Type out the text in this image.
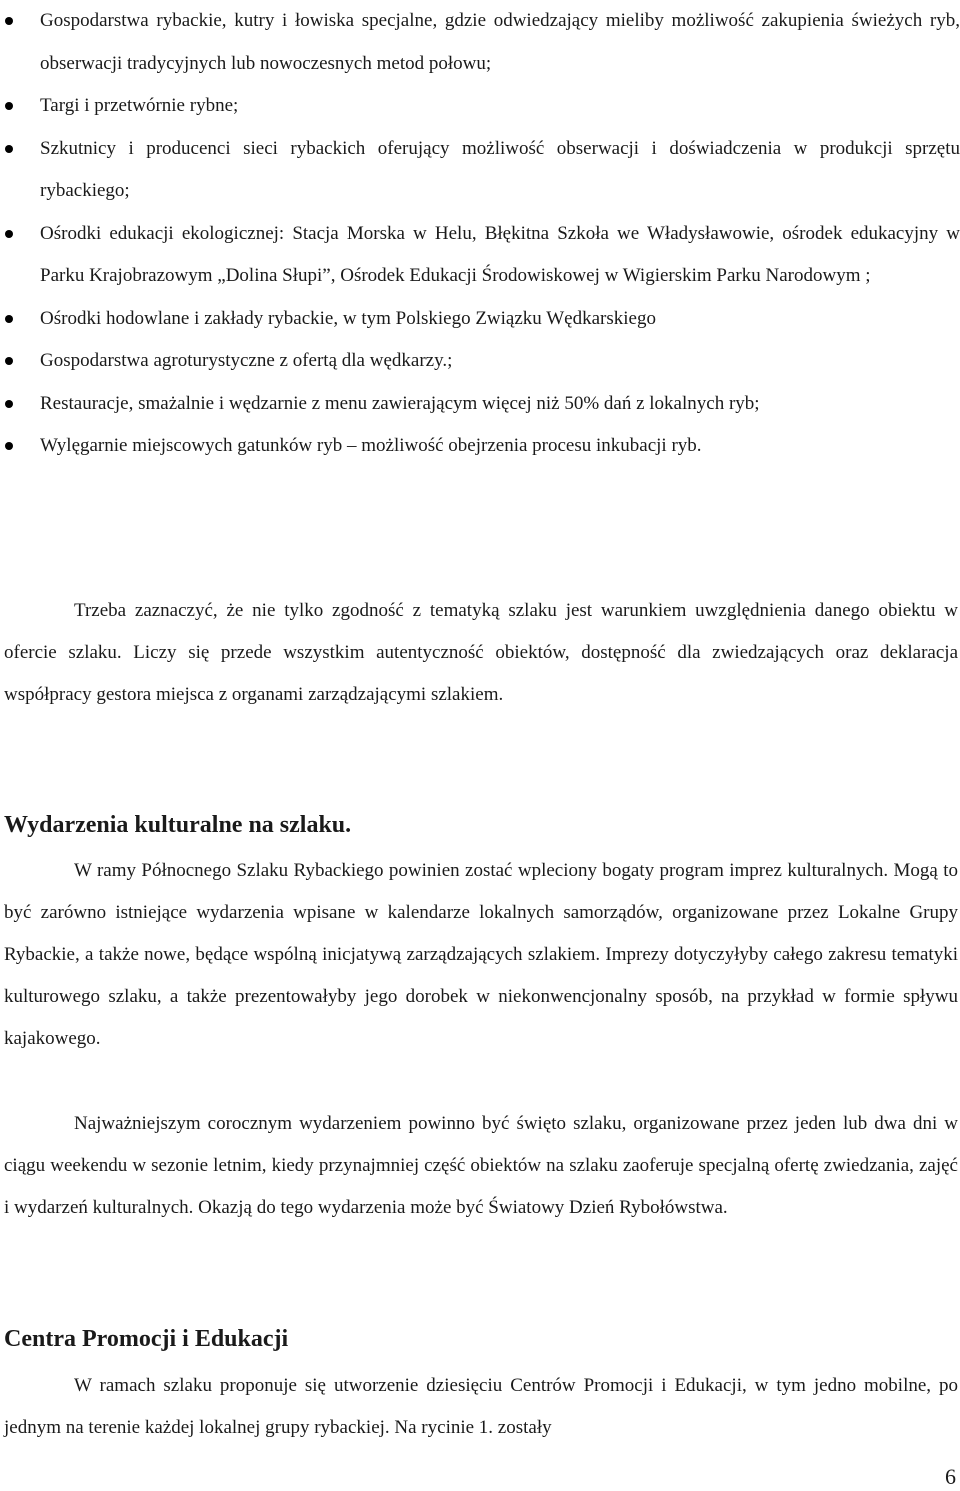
Gospodarstwa rybackie, kutry i łowiska specjalne, gdzie odwiedzający mieliby możliwość zakupienia świeżych ryb, obserwacji tradycyjnych lub nowoczesnych metod połowu;
Targi i przetwórnie rybne;
Szkutnicy i producenci sieci rybackich oferujący możliwość obserwacji i doświadczenia w produkcji sprzętu rybackiego;
Ośrodki edukacji ekologicznej: Stacja Morska w Helu, Błękitna Szkoła we Władysławowie, ośrodek edukacyjny w Parku Krajobrazowym „Dolina Słupi”, Ośrodek Edukacji Środowiskowej w Wigierskim Parku Narodowym ;
Ośrodki hodowlane i zakłady rybackie, w tym Polskiego Związku Wędkarskiego
Gospodarstwa agroturystyczne z ofertą dla wędkarzy.;
Restauracje, smażalnie i wędzarnie z menu zawierającym więcej niż 50% dań z lokalnych ryb;
Wylęgarnie miejscowych gatunków ryb – możliwość obejrzenia procesu inkubacji ryb.

Trzeba zaznaczyć, że nie tylko zgodność z tematyką szlaku jest warunkiem uwzględnienia danego obiektu w ofercie szlaku. Liczy się przede wszystkim autentyczność obiektów, dostępność dla zwiedzających oraz deklaracja współpracy gestora miejsca z organami zarządzającymi szlakiem.

Wydarzenia kulturalne na szlaku.

W ramy Północnego Szlaku Rybackiego powinien zostać wpleciony bogaty program imprez kulturalnych. Mogą to być zarówno istniejące wydarzenia wpisane w kalendarze lokalnych samorządów, organizowane przez Lokalne Grupy Rybackie, a także nowe, będące wspólną inicjatywą zarządzających szlakiem. Imprezy dotyczyłyby całego zakresu tematyki kulturowego szlaku, a także prezentowałyby jego dorobek w niekonwencjonalny sposób, na przykład w formie spływu kajakowego.

Najważniejszym corocznym wydarzeniem powinno być święto szlaku, organizowane przez jeden lub dwa dni w ciągu weekendu w sezonie letnim, kiedy przynajmniej część obiektów na szlaku zaoferuje specjalną ofertę zwiedzania, zajęć i wydarzeń kulturalnych. Okazją do tego wydarzenia może być Światowy Dzień Rybołówstwa.

Centra Promocji i Edukacji

W ramach szlaku proponuje się utworzenie dziesięciu Centrów Promocji i Edukacji, w tym jedno mobilne, po jednym na terenie każdej lokalnej grupy rybackiej. Na rycinie 1. zostały

6
